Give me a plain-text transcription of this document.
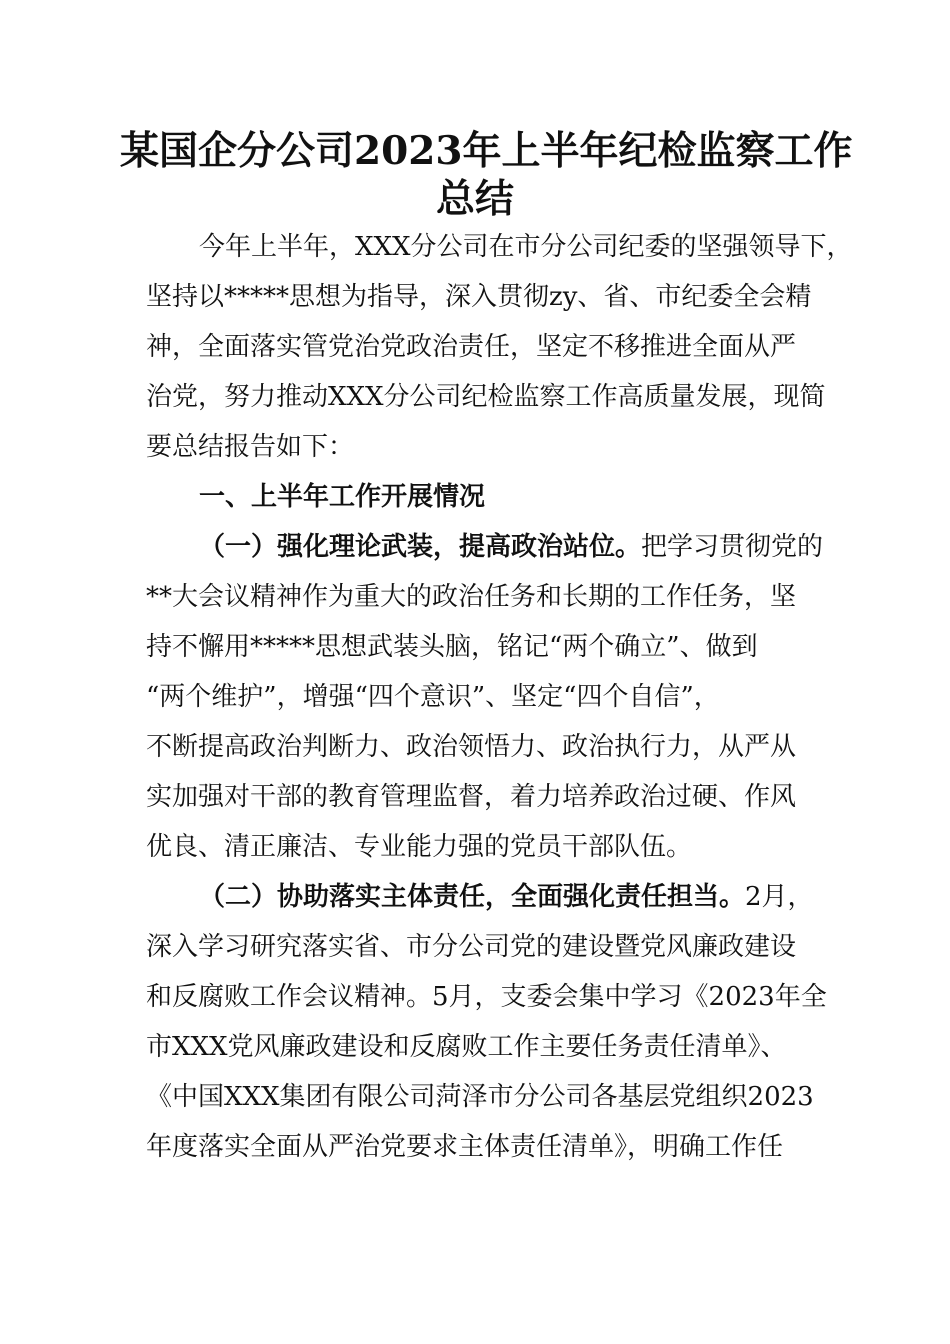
某国企分公司2023年上半年纪检监察工作
总结
今年上半年，XXX分公司在市分公司纪委的坚强领导下，
坚持以*****思想为指导，深入贯彻zy、省、市纪委全会精
神，全面落实管党治党政治责任，坚定不移推进全面从严
治党，努力推动XXX分公司纪检监察工作高质量发展，现简
要总结报告如下：
一、上半年工作开展情况
（一）强化理论武装，提高政治站位。把学习贯彻党的
**大会议精神作为重大的政治任务和长期的工作任务，坚
持不懈用*****思想武装头脑，铭记“两个确立”、做到
“两个维护”，增强“四个意识”、坚定“四个自信”，
不断提高政治判断力、政治领悟力、政治执行力，从严从
实加强对干部的教育管理监督，着力培养政治过硬、作风
优良、清正廉洁、专业能力强的党员干部队伍。
（二）协助落实主体责任，全面强化责任担当。2月，
深入学习研究落实省、市分公司党的建设暨党风廉政建设
和反腐败工作会议精神。5月，支委会集中学习《2023年全
市XXX党风廉政建设和反腐败工作主要任务责任清单》、
《中国XXX集团有限公司菏泽市分公司各基层党组织2023
年度落实全面从严治党要求主体责任清单》，明确工作任
